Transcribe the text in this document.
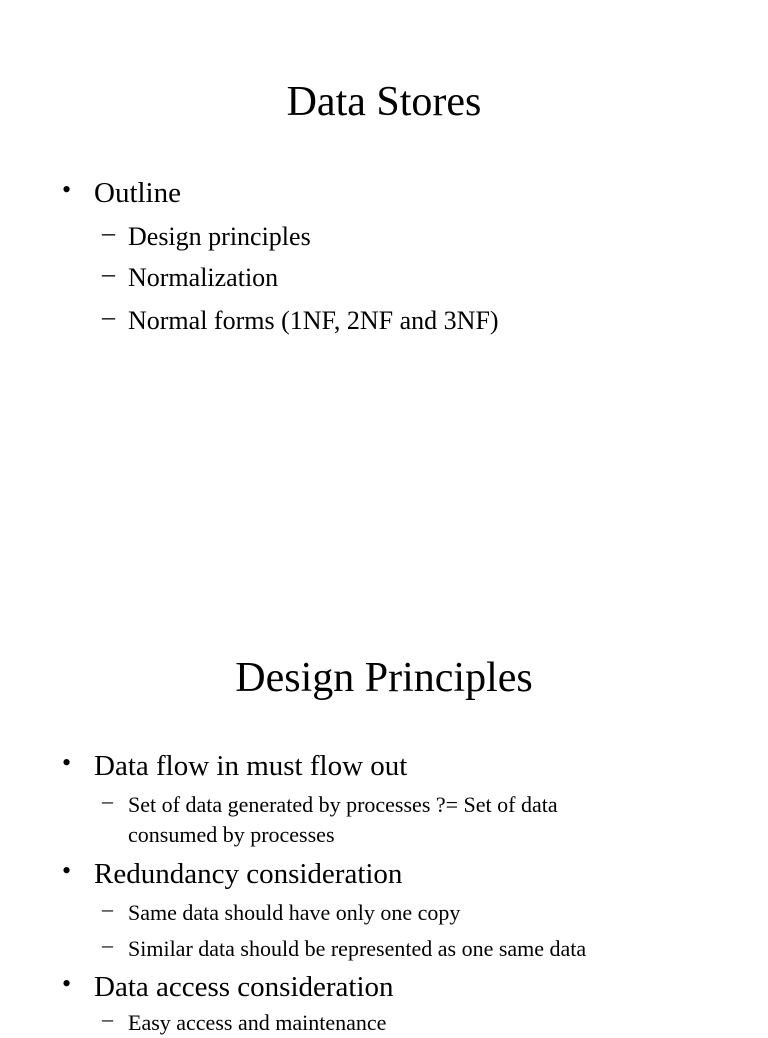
Data Stores
• Outline
– Design principles
– Normalization
– Normal forms (1NF, 2NF and 3NF)
Design Principles
• Data flow in must flow out
– Set of data generated by processes ?= Set of data
consumed by processes
• Redundancy consideration
– Same data should have only one copy
– Similar data should be represented as one same data
• Data access consideration
– Easy access and maintenance
